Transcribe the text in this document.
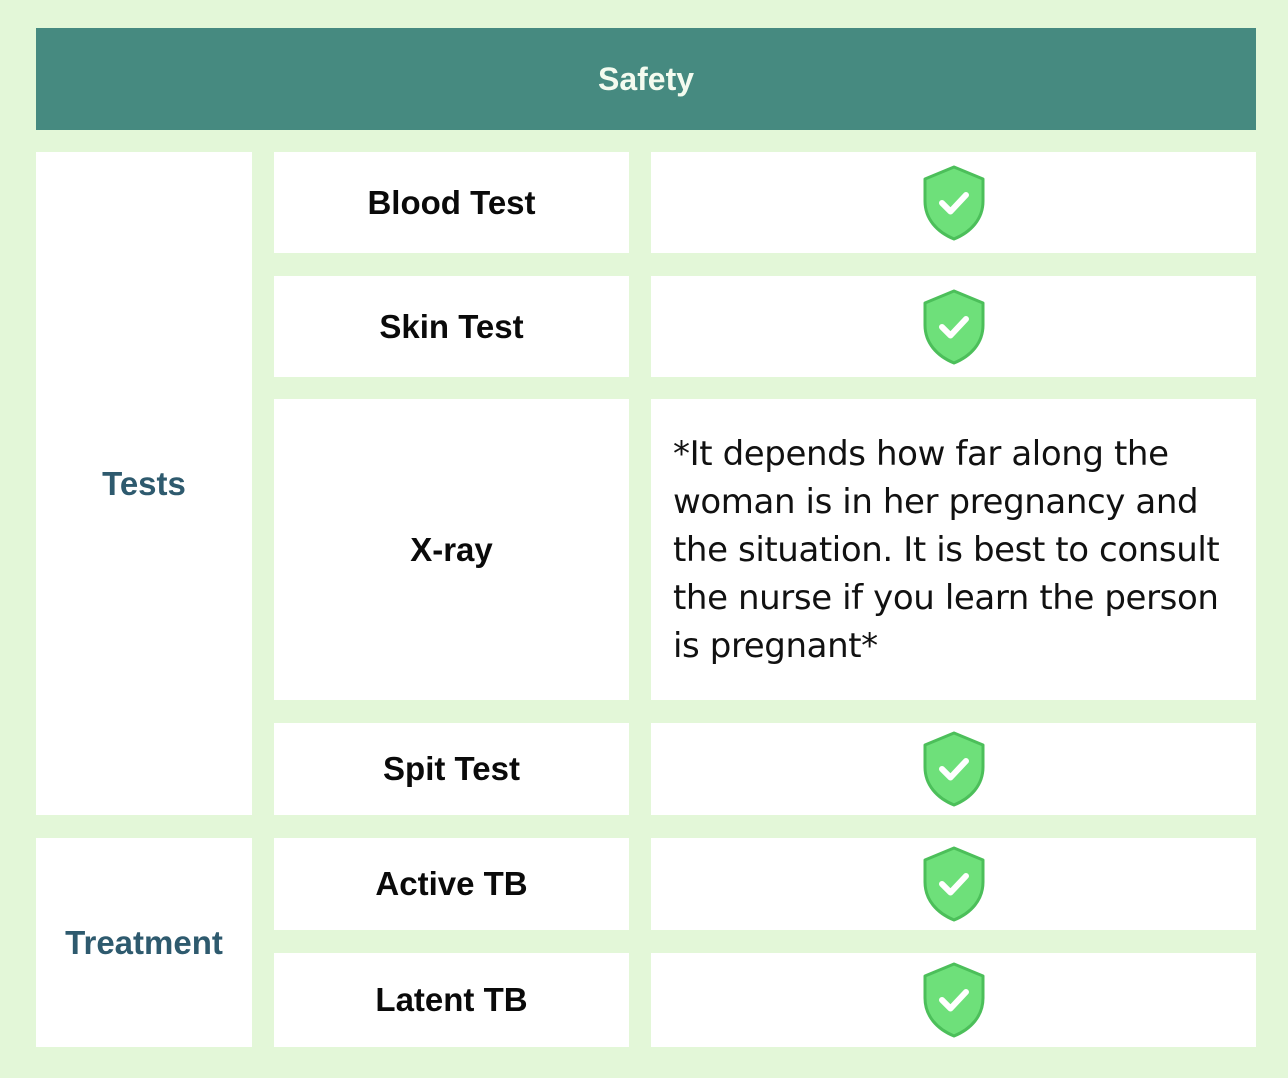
Safety
Tests
Treatment
Blood Test
Skin Test
X-ray
*It depends how far along the woman is in her pregnancy and the situation. It is best to consult the nurse if you learn the person is pregnant*
Spit Test
Active TB
Latent TB
